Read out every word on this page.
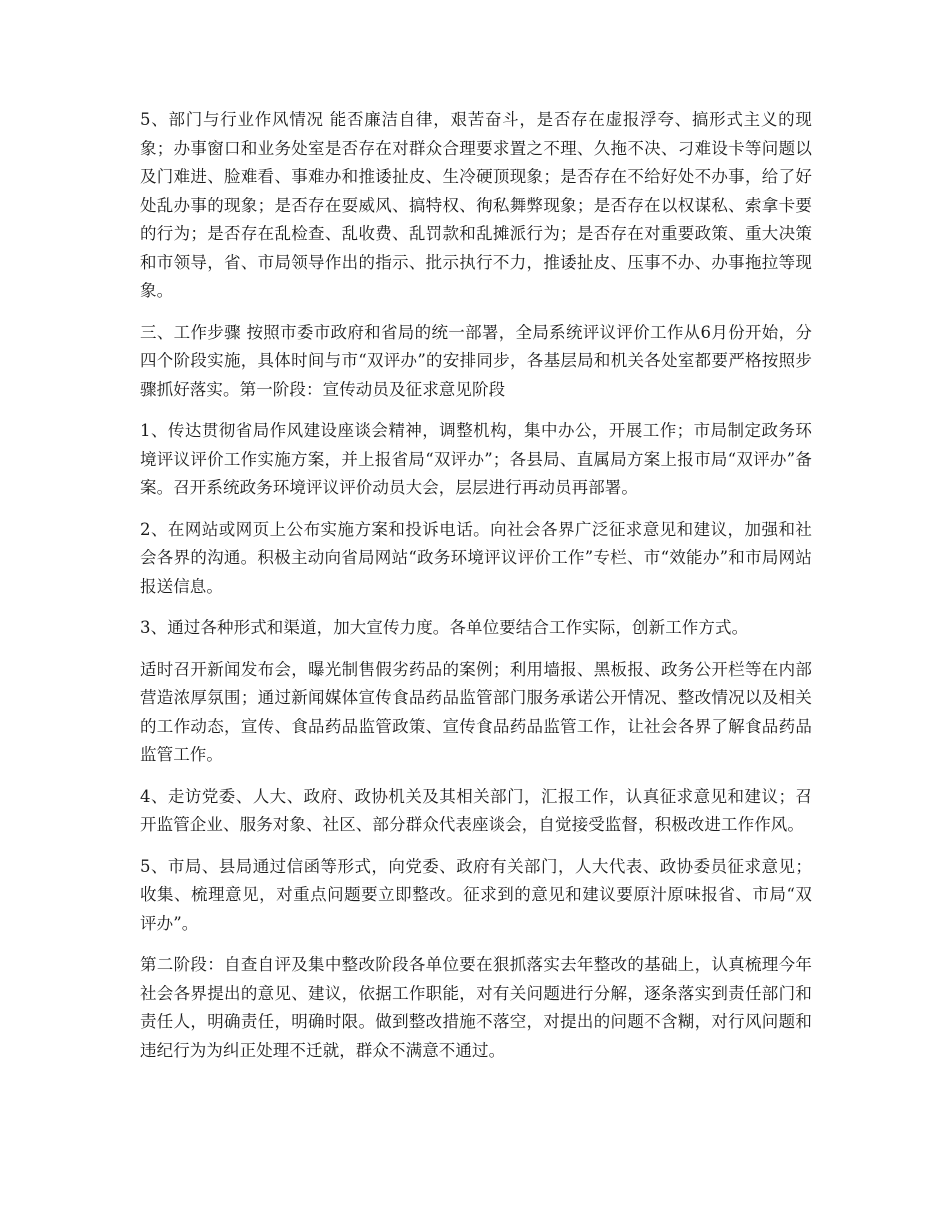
5、部门与行业作风情况 能否廉洁自律，艰苦奋斗，是否存在虚报浮夸、搞形式主义的现象；办事窗口和业务处室是否存在对群众合理要求置之不理、久拖不决、刁难设卡等问题以及门难进、脸难看、事难办和推诿扯皮、生冷硬顶现象；是否存在不给好处不办事，给了好处乱办事的现象；是否存在耍威风、搞特权、徇私舞弊现象；是否存在以权谋私、索拿卡要的行为；是否存在乱检查、乱收费、乱罚款和乱摊派行为；是否存在对重要政策、重大决策和市领导，省、市局领导作出的指示、批示执行不力，推诿扯皮、压事不办、办事拖拉等现象。

三、工作步骤 按照市委市政府和省局的统一部署，全局系统评议评价工作从6月份开始，分四个阶段实施，具体时间与市“双评办”的安排同步，各基层局和机关各处室都要严格按照步骤抓好落实。第一阶段：宣传动员及征求意见阶段

1、传达贯彻省局作风建设座谈会精神，调整机构，集中办公，开展工作；市局制定政务环境评议评价工作实施方案，并上报省局“双评办”；各县局、直属局方案上报市局“双评办”备案。召开系统政务环境评议评价动员大会，层层进行再动员再部署。

2、在网站或网页上公布实施方案和投诉电话。向社会各界广泛征求意见和建议，加强和社会各界的沟通。积极主动向省局网站“政务环境评议评价工作”专栏、市“效能办”和市局网站报送信息。

3、通过各种形式和渠道，加大宣传力度。各单位要结合工作实际，创新工作方式。

适时召开新闻发布会，曝光制售假劣药品的案例；利用墙报、黑板报、政务公开栏等在内部营造浓厚氛围；通过新闻媒体宣传食品药品监管部门服务承诺公开情况、整改情况以及相关的工作动态，宣传、食品药品监管政策、宣传食品药品监管工作，让社会各界了解食品药品监管工作。

4、走访党委、人大、政府、政协机关及其相关部门，汇报工作，认真征求意见和建议；召开监管企业、服务对象、社区、部分群众代表座谈会，自觉接受监督，积极改进工作作风。

5、市局、县局通过信函等形式，向党委、政府有关部门，人大代表、政协委员征求意见；收集、梳理意见，对重点问题要立即整改。征求到的意见和建议要原汁原味报省、市局“双评办”。

第二阶段：自查自评及集中整改阶段各单位要在狠抓落实去年整改的基础上，认真梳理今年社会各界提出的意见、建议，依据工作职能，对有关问题进行分解，逐条落实到责任部门和责任人，明确责任，明确时限。做到整改措施不落空，对提出的问题不含糊，对行风问题和违纪行为为纠正处理不迁就，群众不满意不通过。
